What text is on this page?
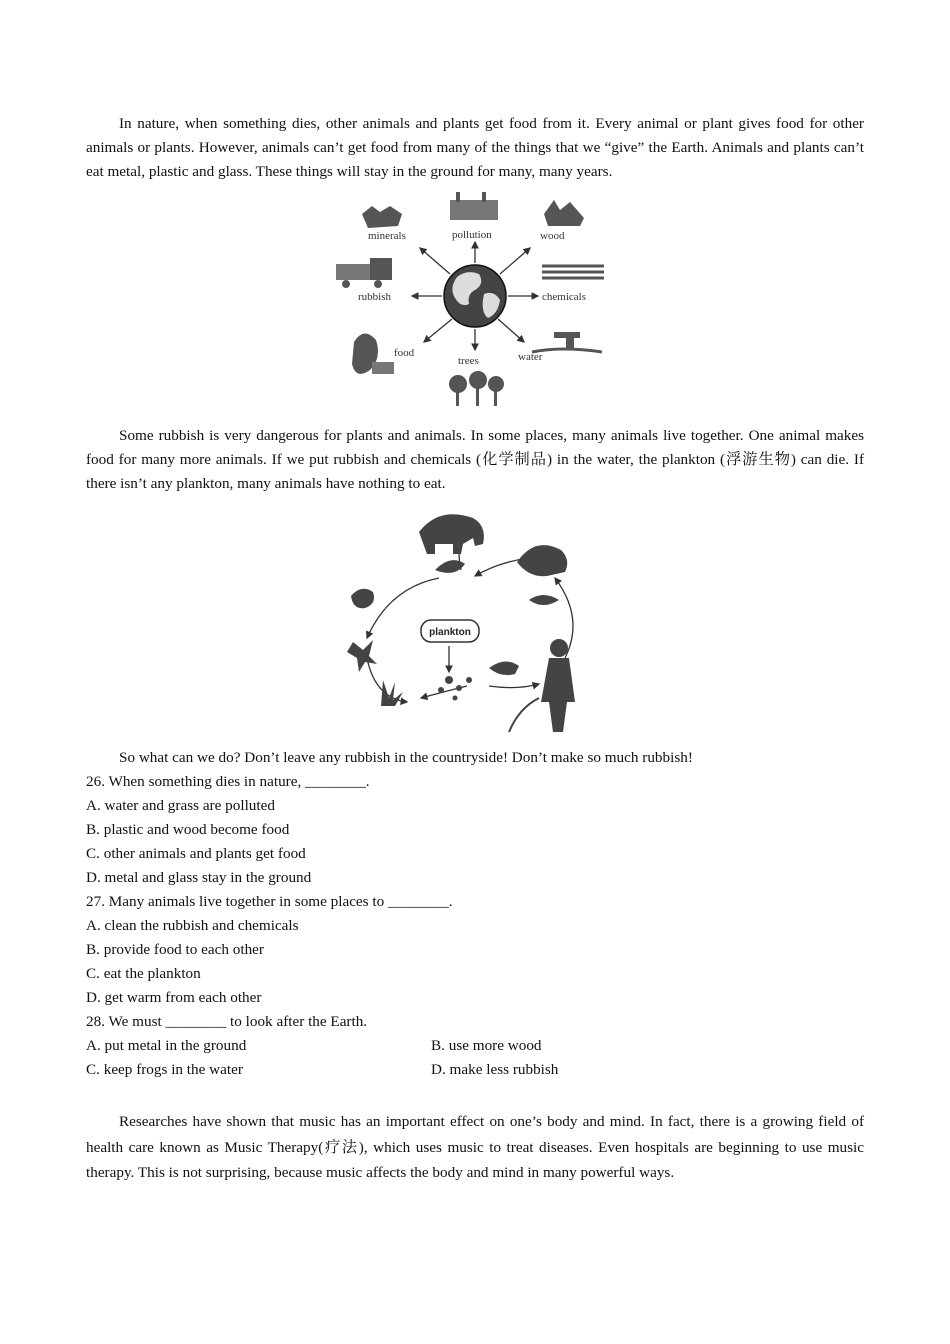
In nature, when something dies, other animals and plants get food from it. Every animal or plant gives food for other animals or plants. However, animals can’t get food from many of the things that we “give” the Earth. Animals and plants can’t eat metal, plastic and glass. These things will stay in the ground for many, many years.

minerals	pollution	wood
rubbish	chemicals
food
trees	water

Some rubbish is very dangerous for plants and animals. In some places, many animals live together. One animal makes food for many more animals. If we put rubbish and chemicals (化学制品) in the water, the plankton (浮游生物) can die. If there isn’t any plankton, many animals have nothing to eat.

plankton

So what can we do? Don’t leave any rubbish in the countryside! Don’t make so much rubbish!

26. When something dies in nature, ________.

A. water and grass are polluted

B. plastic and wood become food

C. other animals and plants get food

D. metal and glass stay in the ground

27. Many animals live together in some places to ________.

A. clean the rubbish and chemicals

B. provide food to each other

C. eat the plankton

D. get warm from each other

28. We must ________ to look after the Earth.

A. put metal in the ground	B. use more wood
C. keep frogs in the water	D. make less rubbish

Researches have shown that music has an important effect on one’s body and mind. In fact, there is a growing field of health care known as Music Therapy(疗法), which uses music to treat diseases. Even hospitals are beginning to use music therapy. This is not surprising, because music affects the body and mind in many powerful ways.
